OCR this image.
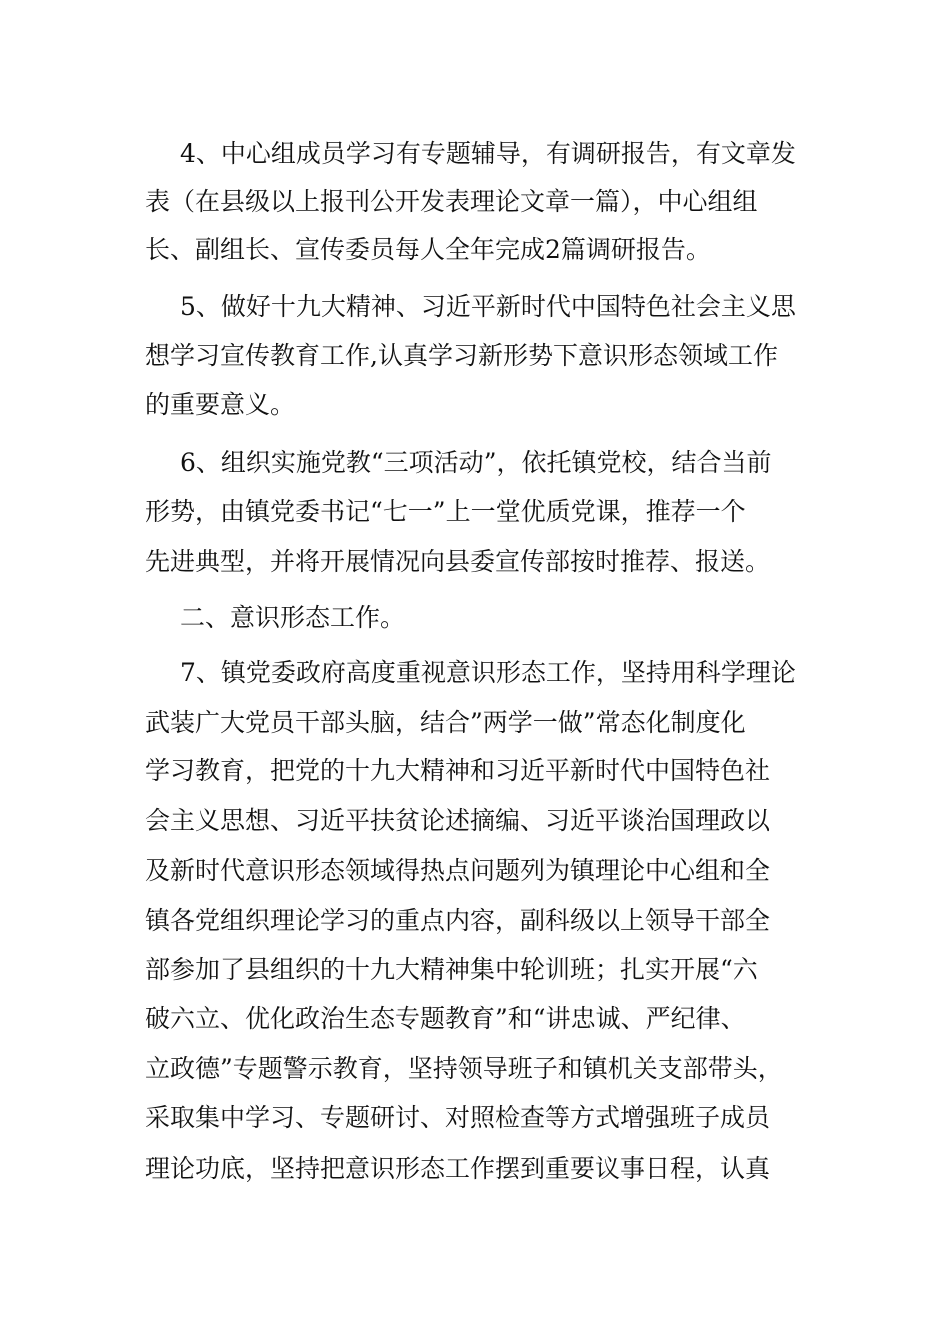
4、中心组成员学习有专题辅导，有调研报告，有文章发
表（在县级以上报刊公开发表理论文章一篇），中心组组
长、副组长、宣传委员每人全年完成2篇调研报告。
5、做好十九大精神、习近平新时代中国特色社会主义思
想学习宣传教育工作,认真学习新形势下意识形态领域工作
的重要意义。
6、组织实施党教“三项活动”，依托镇党校，结合当前
形势，由镇党委书记“七一”上一堂优质党课，推荐一个
先进典型，并将开展情况向县委宣传部按时推荐、报送。
二、意识形态工作。
7、镇党委政府高度重视意识形态工作，坚持用科学理论
武装广大党员干部头脑，结合”两学一做”常态化制度化
学习教育，把党的十九大精神和习近平新时代中国特色社
会主义思想、习近平扶贫论述摘编、习近平谈治国理政以
及新时代意识形态领域得热点问题列为镇理论中心组和全
镇各党组织理论学习的重点内容，副科级以上领导干部全
部参加了县组织的十九大精神集中轮训班；扎实开展“六
破六立、优化政治生态专题教育”和“讲忠诚、严纪律、
立政德”专题警示教育，坚持领导班子和镇机关支部带头，
采取集中学习、专题研讨、对照检查等方式增强班子成员
理论功底，坚持把意识形态工作摆到重要议事日程，认真
